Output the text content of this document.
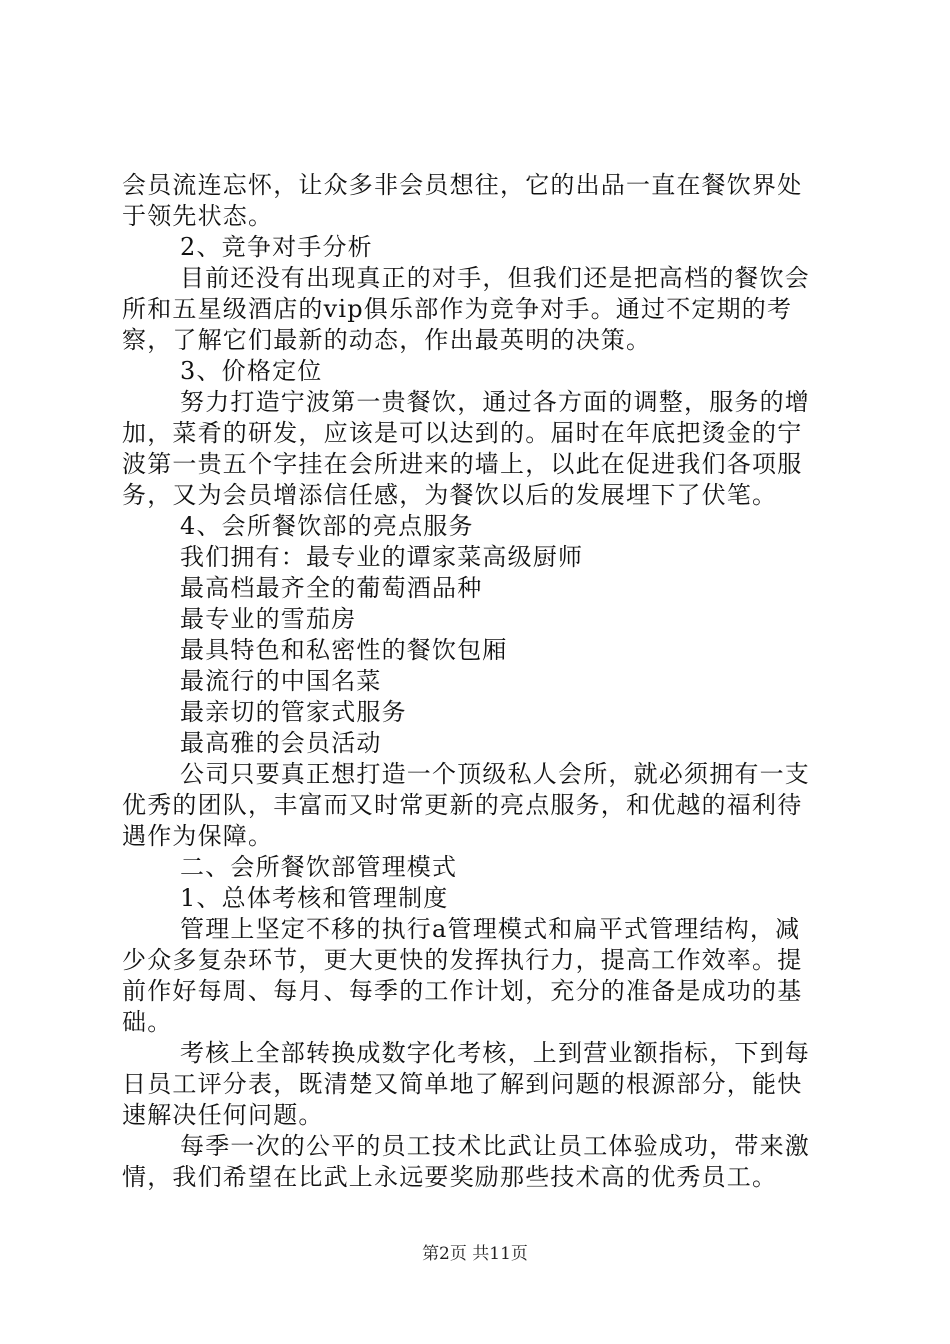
会员流连忘怀，让众多非会员想往，它的出品一直在餐饮界处
于领先状态。
2、竞争对手分析
目前还没有出现真正的对手，但我们还是把高档的餐饮会
所和五星级酒店的vip俱乐部作为竞争对手。通过不定期的考
察，了解它们最新的动态，作出最英明的决策。
3、价格定位
努力打造宁波第一贵餐饮，通过各方面的调整，服务的增
加，菜肴的研发，应该是可以达到的。届时在年底把烫金的宁
波第一贵五个字挂在会所进来的墙上，以此在促进我们各项服
务，又为会员增添信任感，为餐饮以后的发展埋下了伏笔。
4、会所餐饮部的亮点服务
我们拥有：最专业的谭家菜高级厨师
最高档最齐全的葡萄酒品种
最专业的雪茄房
最具特色和私密性的餐饮包厢
最流行的中国名菜
最亲切的管家式服务
最高雅的会员活动
公司只要真正想打造一个顶级私人会所，就必须拥有一支
优秀的团队，丰富而又时常更新的亮点服务，和优越的福利待
遇作为保障。
二、会所餐饮部管理模式
1、总体考核和管理制度
管理上坚定不移的执行a管理模式和扁平式管理结构，减
少众多复杂环节，更大更快的发挥执行力，提高工作效率。提
前作好每周、每月、每季的工作计划，充分的准备是成功的基
础。
考核上全部转换成数字化考核，上到营业额指标，下到每
日员工评分表，既清楚又简单地了解到问题的根源部分，能快
速解决任何问题。
每季一次的公平的员工技术比武让员工体验成功，带来激
情，我们希望在比武上永远要奖励那些技术高的优秀员工。
第2页 共11页
